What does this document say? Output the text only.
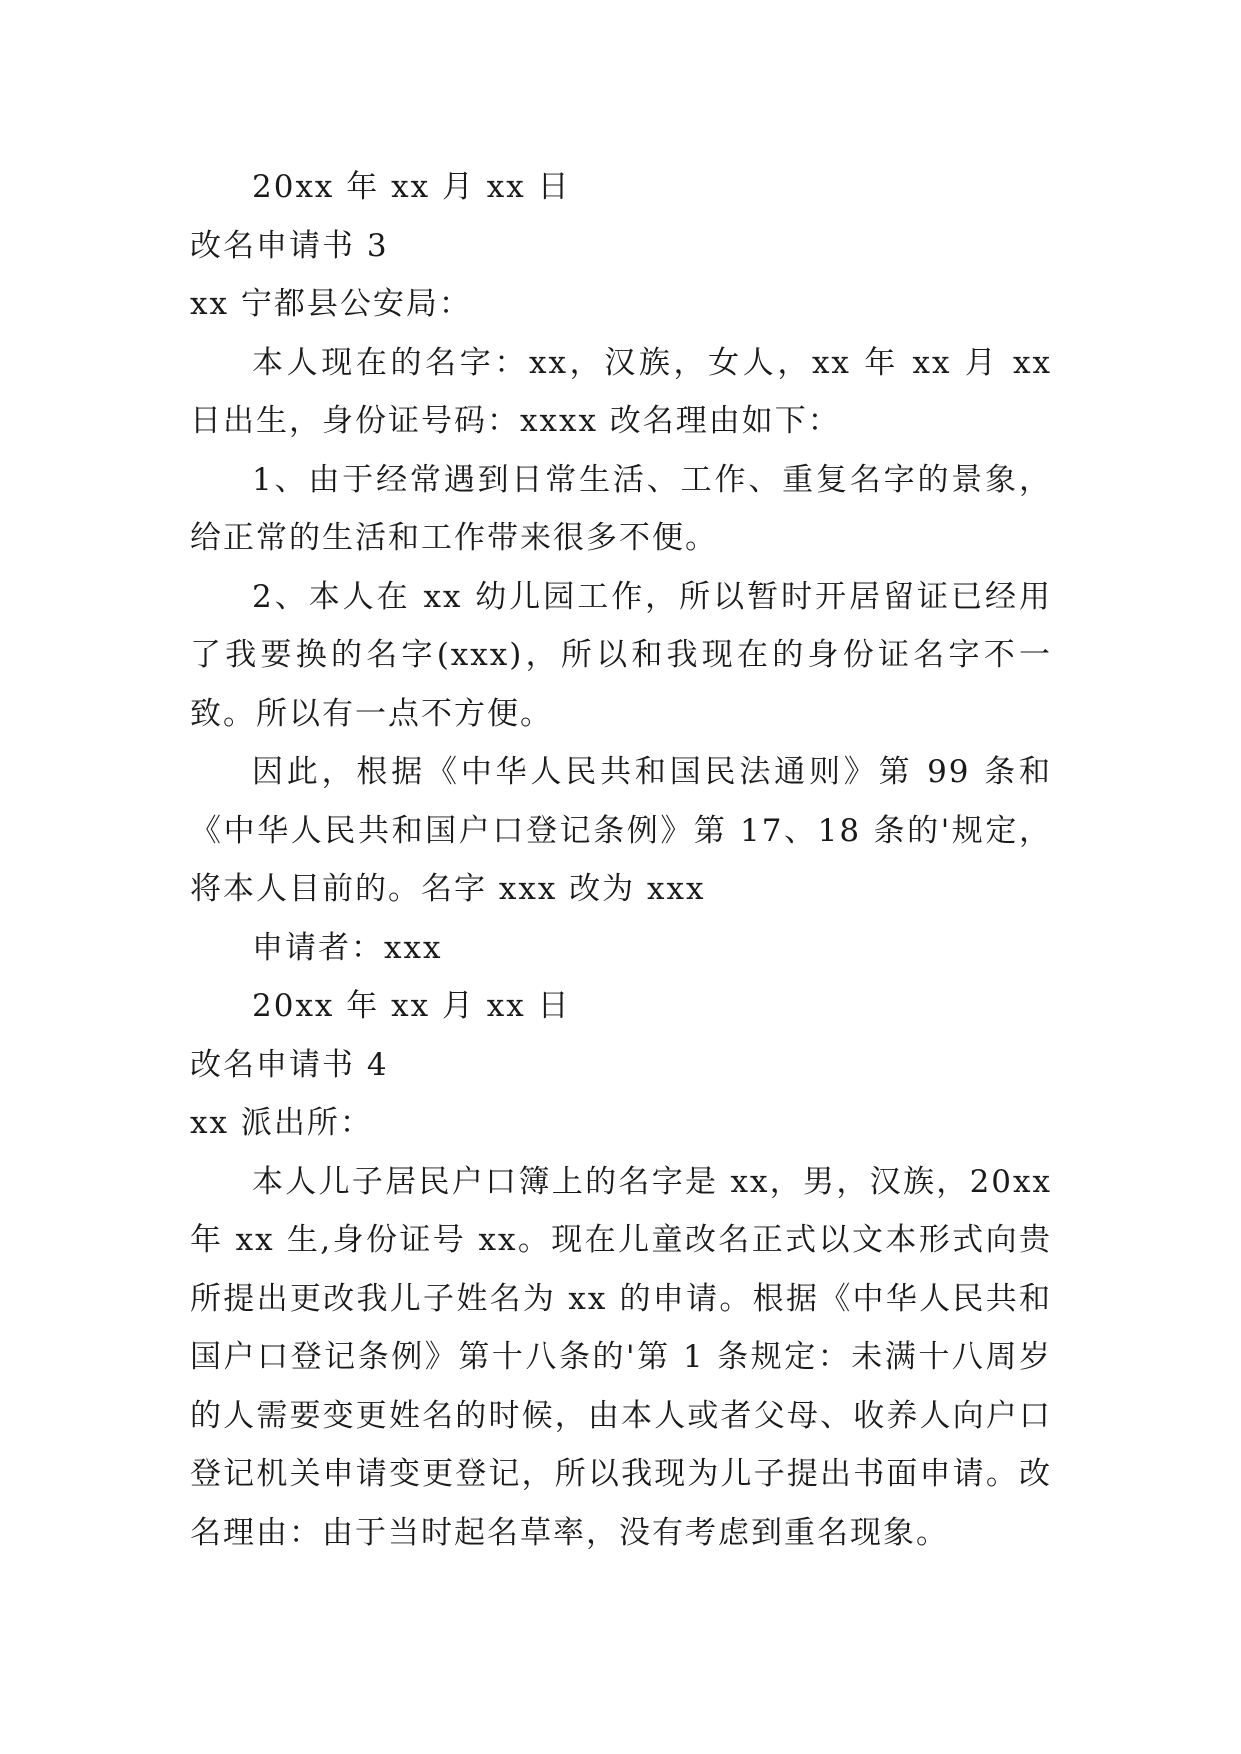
20xx 年 xx 月 xx 日

改名申请书 3

xx 宁都县公安局：

本人现在的名字：xx，汉族，女人，xx 年 xx 月 xx 日出生，身份证号码：xxxx 改名理由如下：

1、由于经常遇到日常生活、工作、重复名字的景象，给正常的生活和工作带来很多不便。

2、本人在 xx 幼儿园工作，所以暂时开居留证已经用了我要换的名字(xxx)，所以和我现在的身份证名字不一致。所以有一点不方便。

因此，根据《中华人民共和国民法通则》第 99 条和《中华人民共和国户口登记条例》第 17、18 条的'规定，将本人目前的。名字 xxx 改为 xxx

申请者：xxx

20xx 年 xx 月 xx 日

改名申请书 4

xx 派出所：

本人儿子居民户口簿上的名字是 xx，男，汉族，20xx 年 xx 生,身份证号 xx。现在儿童改名正式以文本形式向贵所提出更改我儿子姓名为 xx 的申请。根据《中华人民共和国户口登记条例》第十八条的'第 1 条规定：未满十八周岁的人需要变更姓名的时候，由本人或者父母、收养人向户口登记机关申请变更登记，所以我现为儿子提出书面申请。改名理由：由于当时起名草率，没有考虑到重名现象。
